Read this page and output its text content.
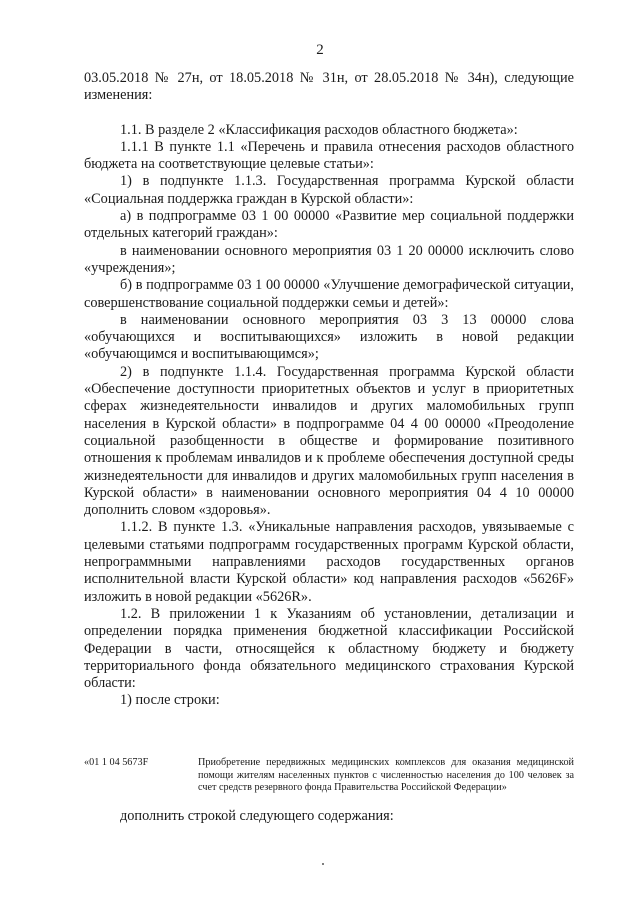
2

03.05.2018 № 27н, от 18.05.2018 № 31н, от 28.05.2018 № 34н), следующие изменения:

1.1. В разделе 2 «Классификация расходов областного бюджета»:

1.1.1 В пункте 1.1 «Перечень и правила отнесения расходов областного бюджета на соответствующие целевые статьи»:

1) в подпункте 1.1.3. Государственная программа Курской области «Социальная поддержка граждан в Курской области»:

а) в подпрограмме 03 1 00 00000 «Развитие мер социальной поддержки отдельных категорий граждан»:

в наименовании основного мероприятия 03 1 20 00000 исключить слово «учреждения»;

б) в подпрограмме 03 1 00 00000 «Улучшение демографической ситуации, совершенствование социальной поддержки семьи и детей»:

в наименовании основного мероприятия 03 3 13 00000 слова «обучающихся и воспитывающихся» изложить в новой редакции «обучающимся и воспитывающимся»;

2) в подпункте 1.1.4. Государственная программа Курской области «Обеспечение доступности приоритетных объектов и услуг в приоритетных сферах жизнедеятельности инвалидов и других маломобильных групп населения в Курской области» в подпрограмме 04 4 00 00000 «Преодоление социальной разобщенности в обществе и формирование позитивного отношения к проблемам инвалидов и к проблеме обеспечения доступной среды жизнедеятельности для инвалидов и других маломобильных групп населения в Курской области» в наименовании основного мероприятия 04 4 10 00000 дополнить словом «здоровья».

1.1.2. В пункте 1.3. «Уникальные направления расходов, увязываемые с целевыми статьями подпрограмм государственных программ Курской области, непрограммными направлениями расходов государственных органов исполнительной власти Курской области» код направления расходов «5626F» изложить в новой редакции «5626R».

1.2. В приложении 1 к Указаниям об установлении, детализации и определении порядка применения бюджетной классификации Российской Федерации в части, относящейся к областному бюджету и бюджету территориального фонда обязательного медицинского страхования Курской области:

1) после строки:

«01 1 04 5673F	Приобретение передвижных медицинских комплексов для оказания медицинской помощи жителям населенных пунктов с численностью населения до 100 человек за счет средств резервного фонда Правительства Российской Федерации»
дополнить строкой следующего содержания:
